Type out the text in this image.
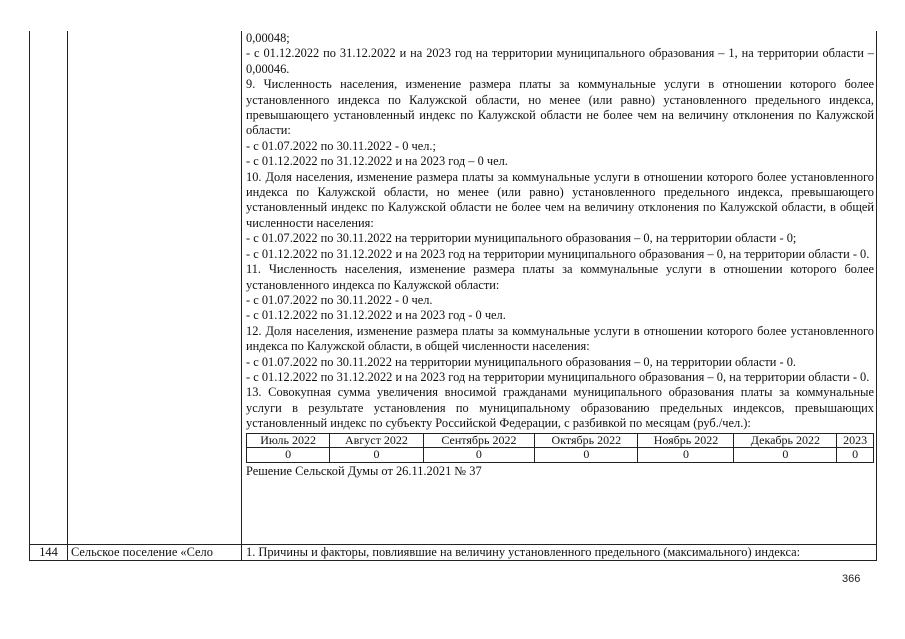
0,00048;

- с 01.12.2022 по 31.12.2022 и на 2023 год на территории муниципального образования – 1, на территории области – 0,00046.

9. Численность населения, изменение размера платы за коммунальные услуги в отношении которого более установленного индекса по Калужской области, но менее (или равно) установленного предельного индекса, превышающего установленный индекс по Калужской области не более чем на величину отклонения по Калужской области:

- с 01.07.2022 по 30.11.2022 - 0 чел.;

- с 01.12.2022 по 31.12.2022 и на 2023 год – 0 чел.

10. Доля населения, изменение размера платы за коммунальные услуги в отношении которого более установленного индекса по Калужской области, но менее (или равно) установленного предельного индекса, превышающего установленный индекс по Калужской области не более чем на величину отклонения по Калужской области, в общей численности населения:

- с 01.07.2022 по 30.11.2022 на территории муниципального образования – 0, на территории области - 0;

- с 01.12.2022 по 31.12.2022 и на 2023 год на территории муниципального образования – 0, на территории области - 0.

11. Численность населения, изменение размера платы за коммунальные услуги в отношении которого более установленного индекса по Калужской области:

- с 01.07.2022 по 30.11.2022 - 0 чел.

- с 01.12.2022 по 31.12.2022 и на 2023 год - 0 чел.

12. Доля населения, изменение размера платы за коммунальные услуги в отношении которого более установленного индекса по Калужской области, в общей численности населения:

- с 01.07.2022 по 30.11.2022 на территории муниципального образования – 0, на территории области - 0.

- с 01.12.2022 по 31.12.2022 и на 2023 год на территории муниципального образования – 0, на территории области - 0.

13. Совокупная сумма увеличения вносимой гражданами муниципального образования платы за коммунальные услуги в результате установления по муниципальному образованию предельных индексов, превышающих установленный индекс по субъекту Российской Федерации, с разбивкой по месяцам (руб./чел.):

Июль 2022	Август 2022	Сентябрь 2022	Октябрь 2022	Ноябрь 2022	Декабрь 2022	2023
0	0	0	0	0	0	0

Решение Сельской Думы от 26.11.2021 № 37

144	Сельское поселение «Село	1. Причины и факторы, повлиявшие на величину установленного предельного (максимального) индекса:
366
